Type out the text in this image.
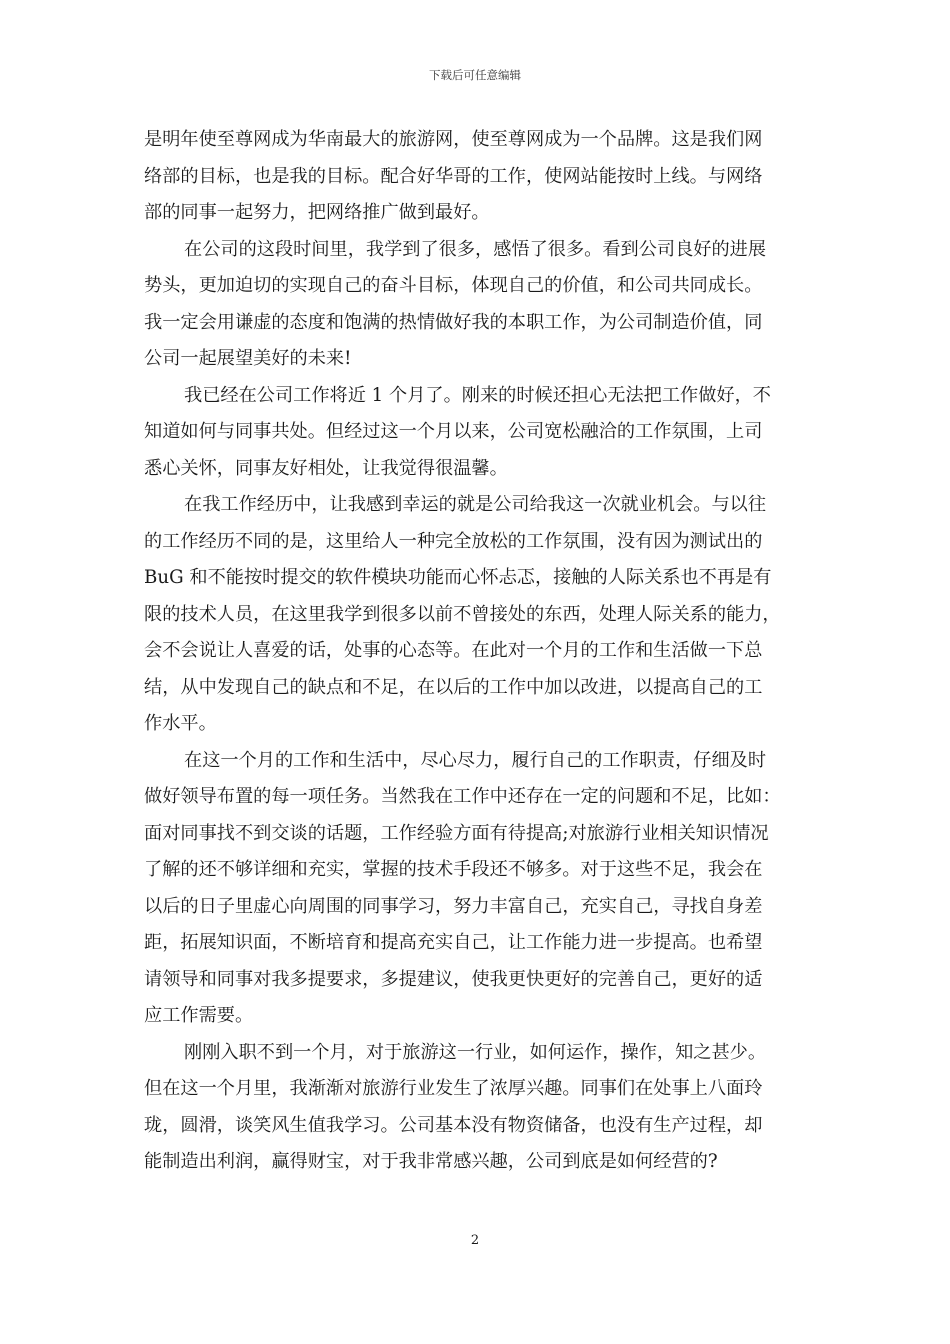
下载后可任意编辑
是明年使至尊网成为华南最大的旅游网，使至尊网成为一个品牌。这是我们网
络部的目标，也是我的目标。配合好华哥的工作，使网站能按时上线。与网络
部的同事一起努力，把网络推广做到最好。
在公司的这段时间里，我学到了很多，感悟了很多。看到公司良好的进展
势头，更加迫切的实现自己的奋斗目标，体现自己的价值，和公司共同成长。
我一定会用谦虚的态度和饱满的热情做好我的本职工作，为公司制造价值，同
公司一起展望美好的未来!
我已经在公司工作将近 1 个月了。刚来的时候还担心无法把工作做好，不
知道如何与同事共处。但经过这一个月以来，公司宽松融洽的工作氛围，上司
悉心关怀，同事友好相处，让我觉得很温馨。
在我工作经历中，让我感到幸运的就是公司给我这一次就业机会。与以往
的工作经历不同的是，这里给人一种完全放松的工作氛围，没有因为测试出的
BuG 和不能按时提交的软件模块功能而心怀忐忑，接触的人际关系也不再是有
限的技术人员，在这里我学到很多以前不曾接处的东西，处理人际关系的能力，
会不会说让人喜爱的话，处事的心态等。在此对一个月的工作和生活做一下总
结，从中发现自己的缺点和不足，在以后的工作中加以改进，以提高自己的工
作水平。
在这一个月的工作和生活中，尽心尽力，履行自己的工作职责，仔细及时
做好领导布置的每一项任务。当然我在工作中还存在一定的问题和不足，比如：
面对同事找不到交谈的话题，工作经验方面有待提高;对旅游行业相关知识情况
了解的还不够详细和充实，掌握的技术手段还不够多。对于这些不足，我会在
以后的日子里虚心向周围的同事学习，努力丰富自己，充实自己，寻找自身差
距，拓展知识面，不断培育和提高充实自己，让工作能力进一步提高。也希望
请领导和同事对我多提要求，多提建议，使我更快更好的完善自己，更好的适
应工作需要。
刚刚入职不到一个月，对于旅游这一行业，如何运作，操作，知之甚少。
但在这一个月里，我渐渐对旅游行业发生了浓厚兴趣。同事们在处事上八面玲
珑，圆滑，谈笑风生值我学习。公司基本没有物资储备，也没有生产过程，却
能制造出利润，赢得财宝，对于我非常感兴趣，公司到底是如何经营的?
2
